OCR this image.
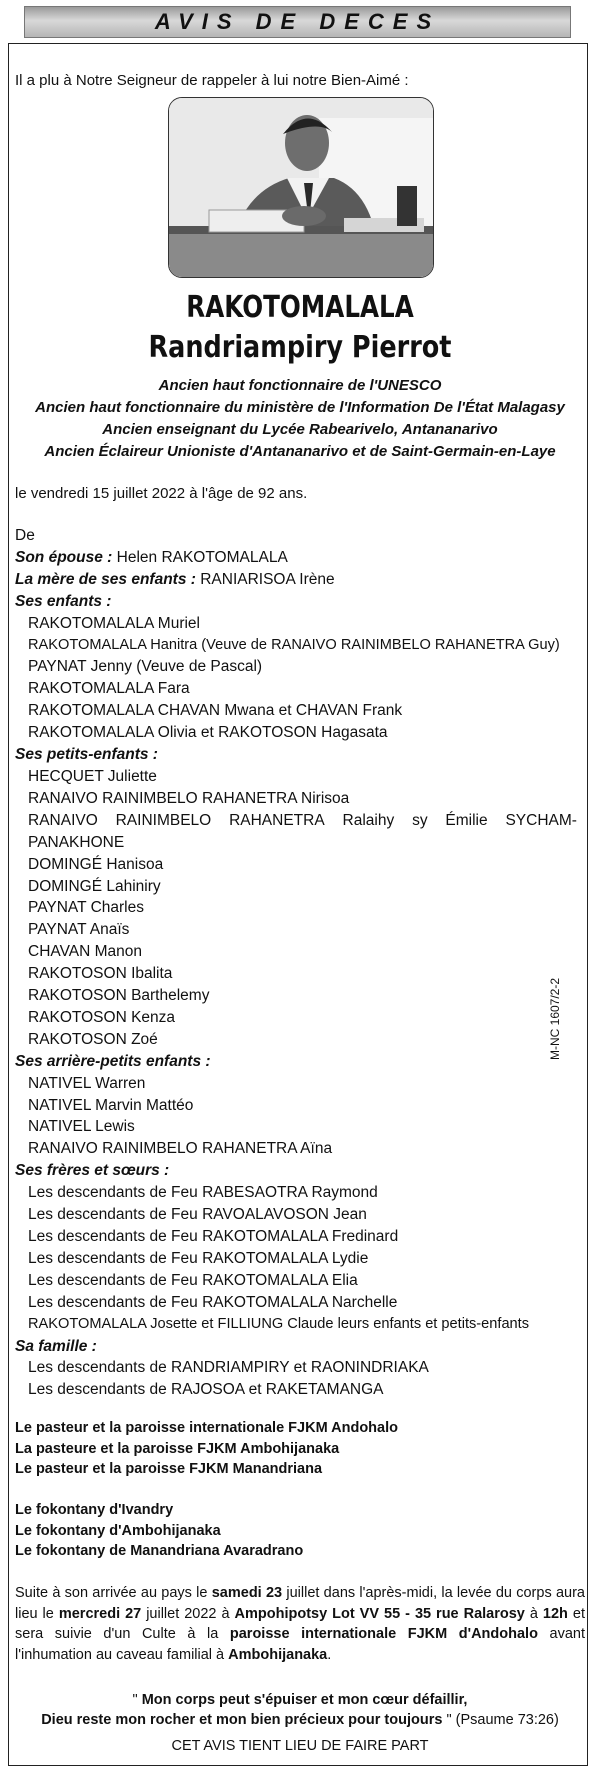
AVIS DE DECES
Il a plu à Notre Seigneur de rappeler à lui notre Bien-Aimé :
RAKOTOMALALA
Randriampiry Pierrot
Ancien haut fonctionnaire de l'UNESCO
Ancien haut fonctionnaire du ministère de l'Information De l'État Malagasy
Ancien enseignant du Lycée Rabearivelo, Antananarivo
Ancien Éclaireur Unioniste d'Antananarivo et de Saint-Germain-en-Laye
le vendredi 15 juillet 2022 à l'âge de 92 ans.
De
Son épouse : Helen RAKOTOMALALA
La mère de ses enfants : RANIARISOA Irène
Ses enfants :
RAKOTOMALALA Muriel
RAKOTOMALALA Hanitra (Veuve de RANAIVO RAINIMBELO RAHANETRA Guy)
PAYNAT Jenny (Veuve de Pascal)
RAKOTOMALALA Fara
RAKOTOMALALA CHAVAN Mwana et CHAVAN Frank
RAKOTOMALALA Olivia et RAKOTOSON Hagasata
Ses petits-enfants :
HECQUET Juliette
RANAIVO RAINIMBELO RAHANETRA Nirisoa
RANAIVO RAINIMBELO RAHANETRA Ralaihy sy Émilie SYCHAM-
PANAKHONE
DOMINGÉ Hanisoa
DOMINGÉ Lahiniry
PAYNAT Charles
PAYNAT Anaïs
CHAVAN Manon
RAKOTOSON Ibalita
RAKOTOSON Barthelemy
RAKOTOSON Kenza
RAKOTOSON Zoé
Ses arrière-petits enfants :
NATIVEL Warren
NATIVEL Marvin Mattéo
NATIVEL Lewis
RANAIVO RAINIMBELO RAHANETRA Aïna
Ses frères et sœurs :
Les descendants de Feu RABESAOTRA Raymond
Les descendants de Feu RAVOALAVOSON Jean
Les descendants de Feu RAKOTOMALALA Fredinard
Les descendants de Feu RAKOTOMALALA Lydie
Les descendants de Feu RAKOTOMALALA Elia
Les descendants de Feu RAKOTOMALALA Narchelle
RAKOTOMALALA Josette et FILLIUNG Claude leurs enfants et petits-enfants
Sa famille :
Les descendants de RANDRIAMPIRY et RAONINDRIAKA
Les descendants de RAJOSOA et RAKETAMANGA
Le pasteur et la paroisse internationale FJKM Andohalo
La pasteure et la paroisse FJKM Ambohijanaka
Le pasteur et la paroisse FJKM Manandriana
Le fokontany d'Ivandry
Le fokontany d'Ambohijanaka
Le fokontany de Manandriana Avaradrano
Suite à son arrivée au pays le samedi 23 juillet dans l'après-midi, la levée du corps aura lieu le mercredi 27 juillet 2022 à Ampohipotsy Lot VV 55 - 35 rue Ralarosy à 12h et sera suivie d'un Culte à la paroisse internationale FJKM d'Andohalo avant l'inhumation au caveau familial à Ambohijanaka.
" Mon corps peut s'épuiser et mon cœur défaillir,
Dieu reste mon rocher et mon bien précieux pour toujours " (Psaume 73:26)
CET AVIS TIENT LIEU DE FAIRE PART
M-NC 1607/2-2
